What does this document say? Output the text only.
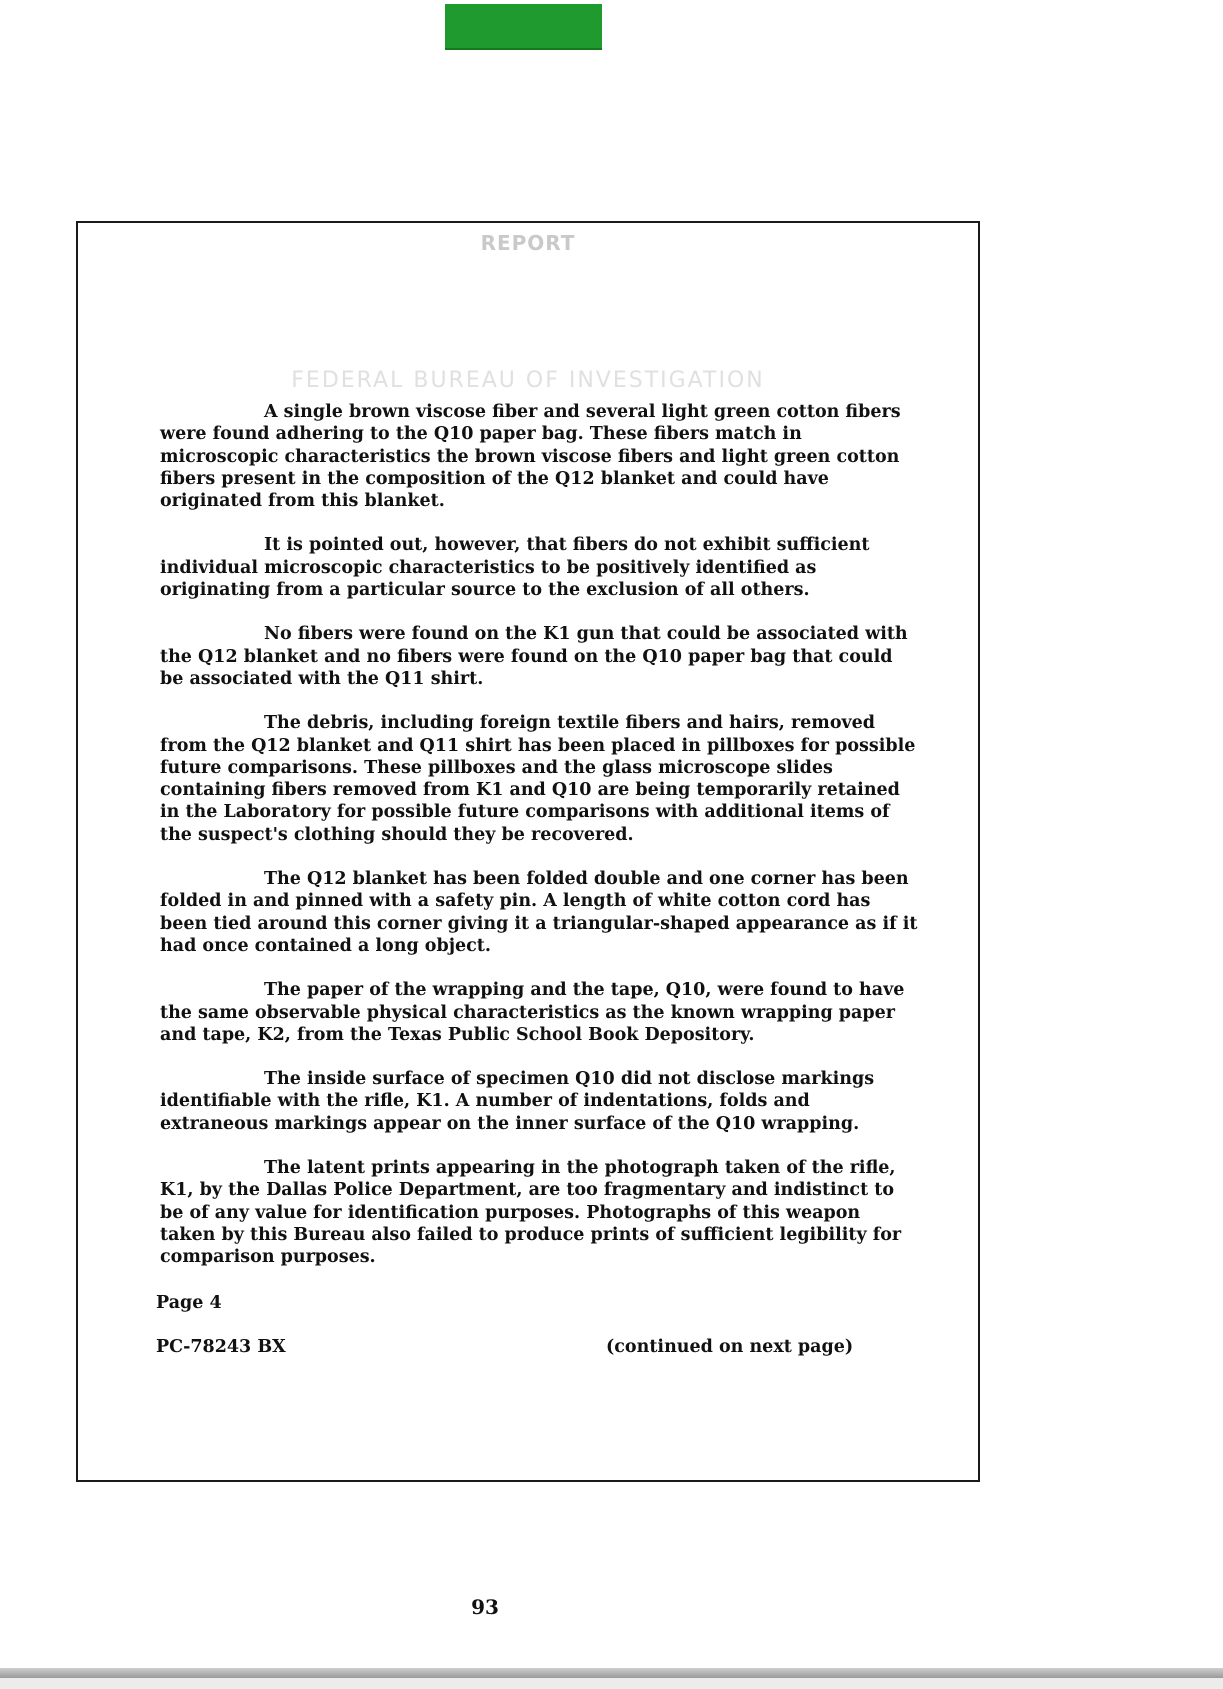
REPORT
FEDERAL BUREAU OF INVESTIGATION

A single brown viscose fiber and several light green cotton fibers were found adhering to the Q10 paper bag. These fibers match in microscopic characteristics the brown viscose fibers and light green cotton fibers present in the composition of the Q12 blanket and could have originated from this blanket.

It is pointed out, however, that fibers do not exhibit sufficient individual microscopic characteristics to be positively identified as originating from a particular source to the exclusion of all others.

No fibers were found on the K1 gun that could be associated with the Q12 blanket and no fibers were found on the Q10 paper bag that could be associated with the Q11 shirt.

The debris, including foreign textile fibers and hairs, removed from the Q12 blanket and Q11 shirt has been placed in pillboxes for possible future comparisons. These pillboxes and the glass microscope slides containing fibers removed from K1 and Q10 are being temporarily retained in the Laboratory for possible future comparisons with additional items of the suspect's clothing should they be recovered.

The Q12 blanket has been folded double and one corner has been folded in and pinned with a safety pin. A length of white cotton cord has been tied around this corner giving it a triangular-shaped appearance as if it had once contained a long object.

The paper of the wrapping and the tape, Q10, were found to have the same observable physical characteristics as the known wrapping paper and tape, K2, from the Texas Public School Book Depository.

The inside surface of specimen Q10 did not disclose markings identifiable with the rifle, K1. A number of indentations, folds and extraneous markings appear on the inner surface of the Q10 wrapping.

The latent prints appearing in the photograph taken of the rifle, K1, by the Dallas Police Department, are too fragmentary and indistinct to be of any value for identification purposes. Photographs of this weapon taken by this Bureau also failed to produce prints of sufficient legibility for comparison purposes.

Page 4
PC-78243 BX	(continued on next page)
93
